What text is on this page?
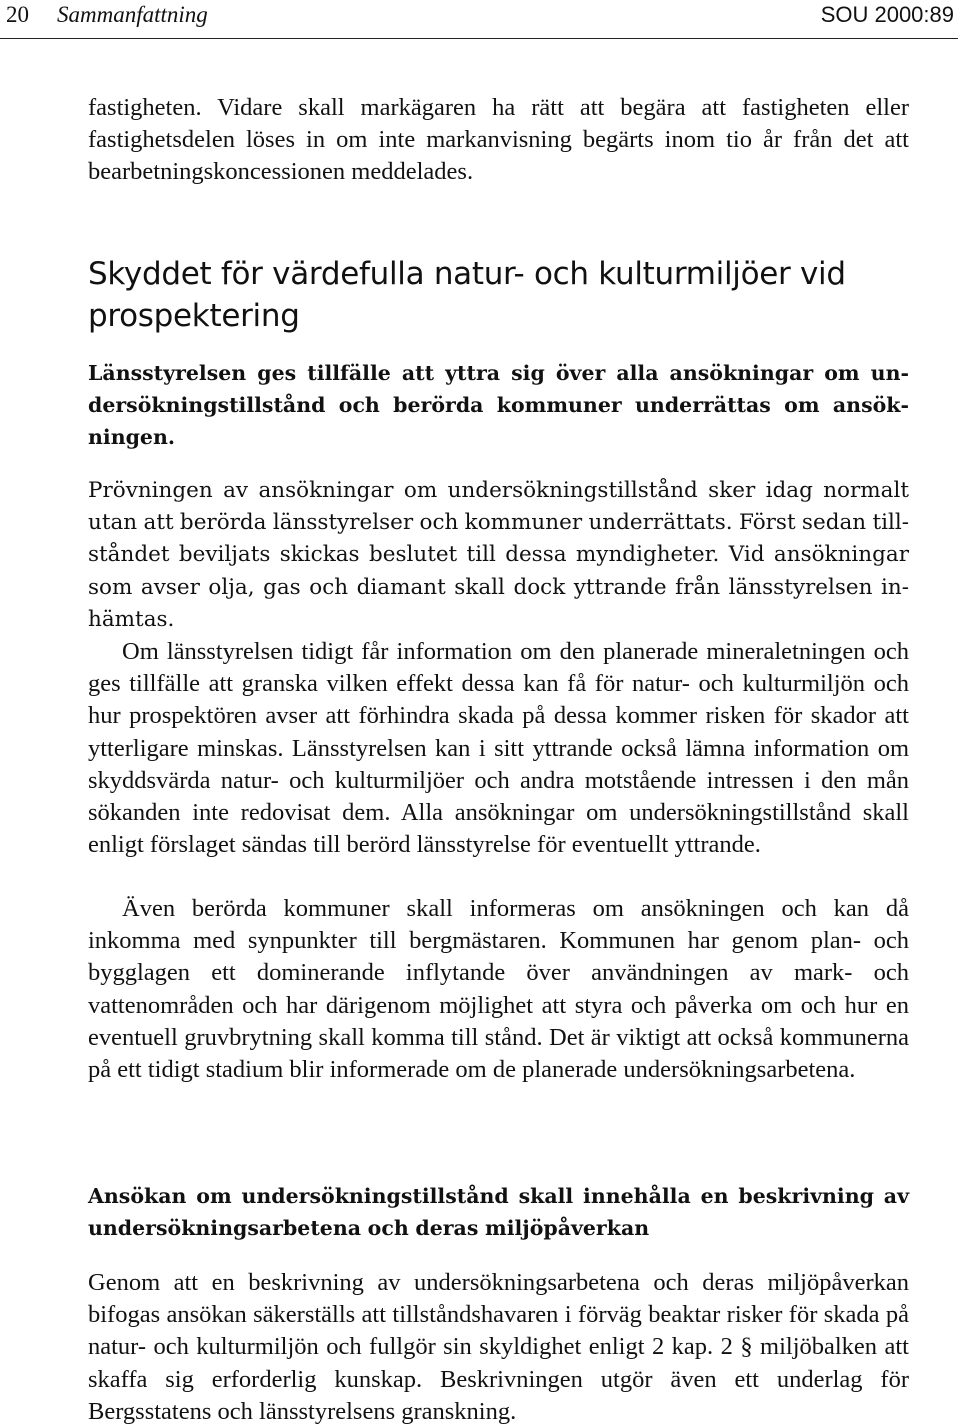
20 Sammanfattning	SOU 2000:89

fastigheten. Vidare skall markägaren ha rätt att begära att fastigheten eller fastighetsdelen löses in om inte markanvisning begärts inom tio år från det att bearbetningskoncessionen meddelades.

Skyddet för värdefulla natur- och kulturmiljöer vid prospektering

Länsstyrelsen ges tillfälle att yttra sig över alla ansökningar om undersökningstillstånd och berörda kommuner underrättas om ansökningen.

Prövningen av ansökningar om undersökningstillstånd sker idag normalt utan att berörda länsstyrelser och kommuner underrättats. Först sedan tillståndet beviljats skickas beslutet till dessa myndigheter. Vid ansökningar som avser olja, gas och diamant skall dock yttrande från länsstyrelsen inhämtas.

Om länsstyrelsen tidigt får information om den planerade mineraletningen och ges tillfälle att granska vilken effekt dessa kan få för natur- och kulturmiljön och hur prospektören avser att förhindra skada på dessa kommer risken för skador att ytterligare minskas. Länsstyrelsen kan i sitt yttrande också lämna information om skyddsvärda natur- och kulturmiljöer och andra motstående intressen i den mån sökanden inte redovisat dem. Alla ansökningar om undersökningstillstånd skall enligt förslaget sändas till berörd länsstyrelse för eventuellt yttrande.

Även berörda kommuner skall informeras om ansökningen och kan då inkomma med synpunkter till bergmästaren. Kommunen har genom plan- och bygglagen ett dominerande inflytande över användningen av mark- och vattenområden och har därigenom möjlighet att styra och påverka om och hur en eventuell gruvbrytning skall komma till stånd. Det är viktigt att också kommunerna på ett tidigt stadium blir informerade om de planerade undersökningsarbetena.

Ansökan om undersökningstillstånd skall innehålla en beskrivning av undersökningsarbetena och deras miljöpåverkan

Genom att en beskrivning av undersökningsarbetena och deras miljöpåverkan bifogas ansökan säkerställs att tillståndshavaren i förväg beaktar risker för skada på natur- och kulturmiljön och fullgör sin skyldighet enligt 2 kap. 2 § miljöbalken att skaffa sig erforderlig kunskap. Beskrivningen utgör även ett underlag för Bergsstatens och länsstyrelsens granskning.
